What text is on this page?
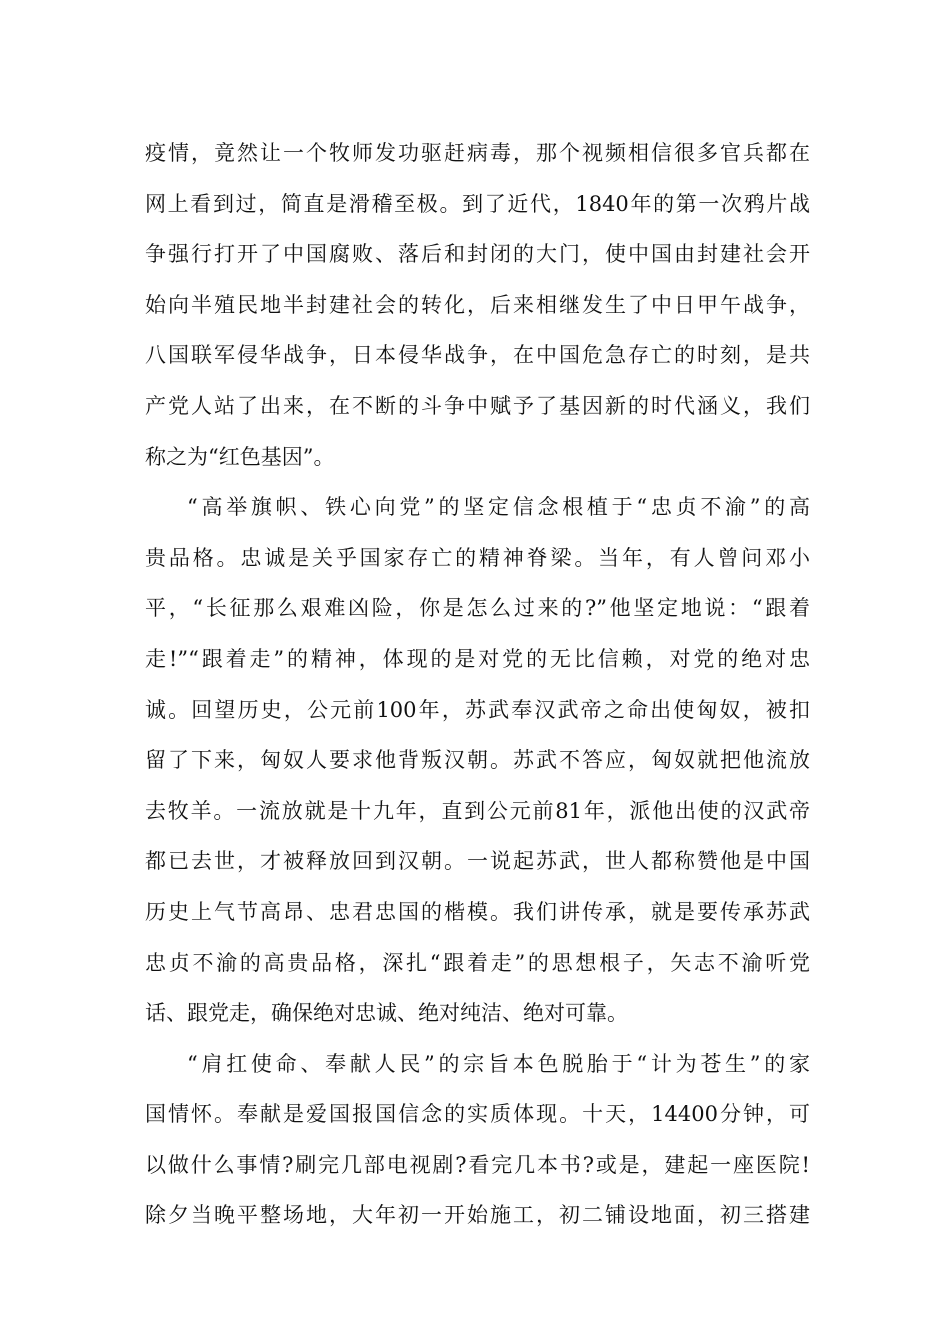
疫情，竟然让一个牧师发功驱赶病毒，那个视频相信很多官兵都在
网上看到过，简直是滑稽至极。到了近代，1840年的第一次鸦片战
争强行打开了中国腐败、落后和封闭的大门，使中国由封建社会开
始向半殖民地半封建社会的转化，后来相继发生了中日甲午战争，
八国联军侵华战争，日本侵华战争，在中国危急存亡的时刻，是共
产党人站了出来，在不断的斗争中赋予了基因新的时代涵义，我们
称之为“红色基因”。
“高举旗帜、铁心向党”的坚定信念根植于“忠贞不渝”的高
贵品格。忠诚是关乎国家存亡的精神脊梁。当年，有人曾问邓小
平，“长征那么艰难凶险，你是怎么过来的?”他坚定地说：“跟着
走!”“跟着走”的精神，体现的是对党的无比信赖，对党的绝对忠
诚。回望历史，公元前100年，苏武奉汉武帝之命出使匈奴，被扣
留了下来，匈奴人要求他背叛汉朝。苏武不答应，匈奴就把他流放
去牧羊。一流放就是十九年，直到公元前81年，派他出使的汉武帝
都已去世，才被释放回到汉朝。一说起苏武，世人都称赞他是中国
历史上气节高昂、忠君忠国的楷模。我们讲传承，就是要传承苏武
忠贞不渝的高贵品格，深扎“跟着走”的思想根子，矢志不渝听党
话、跟党走，确保绝对忠诚、绝对纯洁、绝对可靠。
“肩扛使命、奉献人民”的宗旨本色脱胎于“计为苍生”的家
国情怀。奉献是爱国报国信念的实质体现。十天，14400分钟，可
以做什么事情?刷完几部电视剧?看完几本书?或是，建起一座医院!
除夕当晚平整场地，大年初一开始施工，初二铺设地面，初三搭建
